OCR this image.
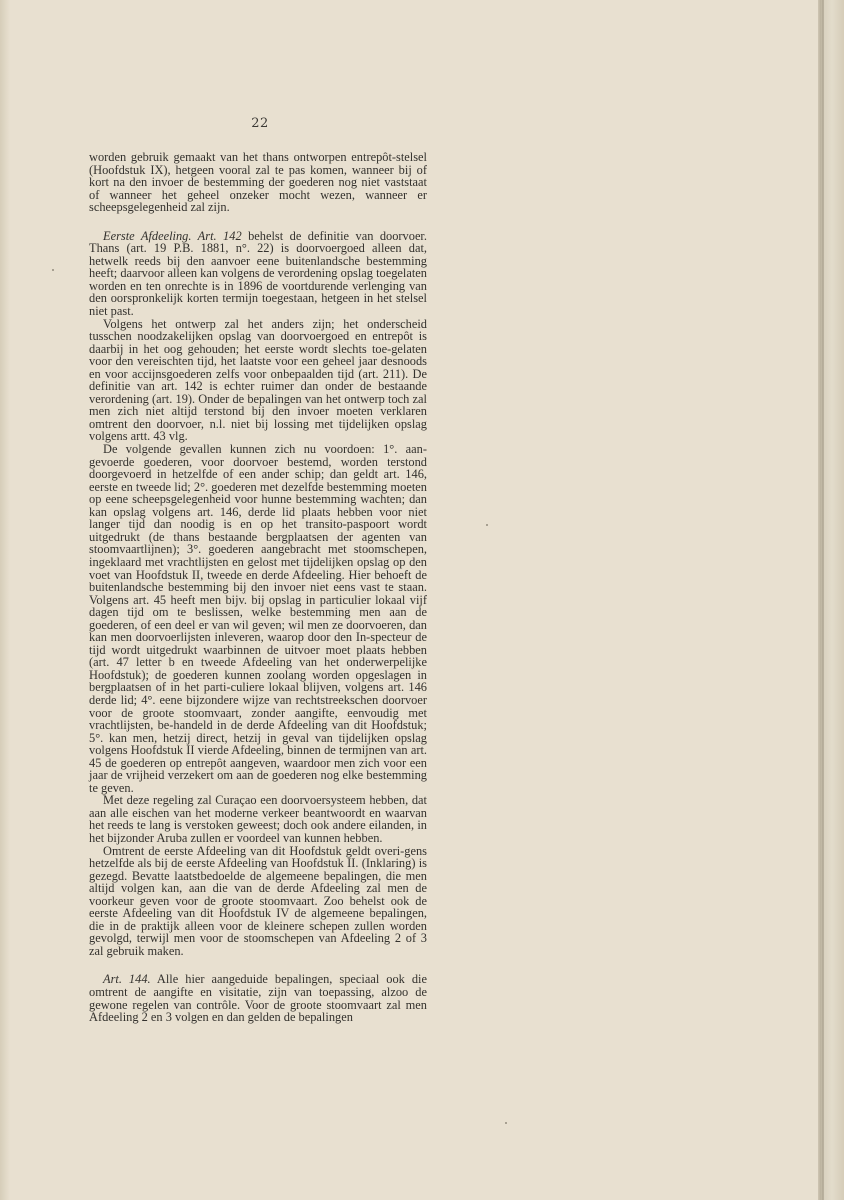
22

worden gebruik gemaakt van het thans ontworpen entrepôt-stelsel (Hoofdstuk IX), hetgeen vooral zal te pas komen, wanneer bij of kort na den invoer de bestemming der goederen nog niet vaststaat of wanneer het geheel onzeker mocht wezen, wanneer er scheepsgelegenheid zal zijn.

Eerste Afdeeling. Art. 142 behelst de definitie van doorvoer. Thans (art. 19 P.B. 1881, n°. 22) is doorvoergoed alleen dat, hetwelk reeds bij den aanvoer eene buitenlandsche bestemming heeft; daarvoor alleen kan volgens de verordening opslag toegelaten worden en ten onrechte is in 1896 de voortdurende verlenging van den oorspronkelijk korten termijn toegestaan, hetgeen in het stelsel niet past.

Volgens het ontwerp zal het anders zijn; het onderscheid tusschen noodzakelijken opslag van doorvoergoed en entrepôt is daarbij in het oog gehouden; het eerste wordt slechts toe-gelaten voor den vereischten tijd, het laatste voor een geheel jaar desnoods en voor accijnsgoederen zelfs voor onbepaalden tijd (art. 211). De definitie van art. 142 is echter ruimer dan onder de bestaande verordening (art. 19). Onder de bepalingen van het ontwerp toch zal men zich niet altijd terstond bij den invoer moeten verklaren omtrent den doorvoer, n.l. niet bij lossing met tijdelijken opslag volgens artt. 43 vlg.

De volgende gevallen kunnen zich nu voordoen: 1°. aan-gevoerde goederen, voor doorvoer bestemd, worden terstond doorgevoerd in hetzelfde of een ander schip; dan geldt art. 146, eerste en tweede lid; 2°. goederen met dezelfde bestemming moeten op eene scheepsgelegenheid voor hunne bestemming wachten; dan kan opslag volgens art. 146, derde lid plaats hebben voor niet langer tijd dan noodig is en op het transito-paspoort wordt uitgedrukt (de thans bestaande bergplaatsen der agenten van stoomvaartlijnen); 3°. goederen aangebracht met stoomschepen, ingeklaard met vrachtlijsten en gelost met tijdelijken opslag op den voet van Hoofdstuk II, tweede en derde Afdeeling. Hier behoeft de buitenlandsche bestemming bij den invoer niet eens vast te staan. Volgens art. 45 heeft men bijv. bij opslag in particulier lokaal vijf dagen tijd om te beslissen, welke bestemming men aan de goederen, of een deel er van wil geven; wil men ze doorvoeren, dan kan men doorvoerlijsten inleveren, waarop door den In-specteur de tijd wordt uitgedrukt waarbinnen de uitvoer moet plaats hebben (art. 47 letter b en tweede Afdeeling van het onderwerpelijke Hoofdstuk); de goederen kunnen zoolang worden opgeslagen in bergplaatsen of in het parti-culiere lokaal blijven, volgens art. 146 derde lid; 4°. eene bijzondere wijze van rechtstreekschen doorvoer voor de groote stoomvaart, zonder aangifte, eenvoudig met vrachtlijsten, be-handeld in de derde Afdeeling van dit Hoofdstuk; 5°. kan men, hetzij direct, hetzij in geval van tijdelijken opslag volgens Hoofdstuk II vierde Afdeeling, binnen de termijnen van art. 45 de goederen op entrepôt aangeven, waardoor men zich voor een jaar de vrijheid verzekert om aan de goederen nog elke bestemming te geven.

Met deze regeling zal Curaçao een doorvoersysteem hebben, dat aan alle eischen van het moderne verkeer beantwoordt en waarvan het reeds te lang is verstoken geweest; doch ook andere eilanden, in het bijzonder Aruba zullen er voordeel van kunnen hebben.

Omtrent de eerste Afdeeling van dit Hoofdstuk geldt overi-gens hetzelfde als bij de eerste Afdeeling van Hoofdstuk II. (Inklaring) is gezegd. Bevatte laatstbedoelde de algemeene bepalingen, die men altijd volgen kan, aan die van de derde Afdeeling zal men de voorkeur geven voor de groote stoomvaart. Zoo behelst ook de eerste Afdeeling van dit Hoofdstuk IV de algemeene bepalingen, die in de praktijk alleen voor de kleinere schepen zullen worden gevolgd, terwijl men voor de stoomschepen van Afdeeling 2 of 3 zal gebruik maken.

Art. 144. Alle hier aangeduide bepalingen, speciaal ook die omtrent de aangifte en visitatie, zijn van toepassing, alzoo de gewone regelen van contrôle. Voor de groote stoomvaart zal men Afdeeling 2 en 3 volgen en dan gelden de bepalingen
